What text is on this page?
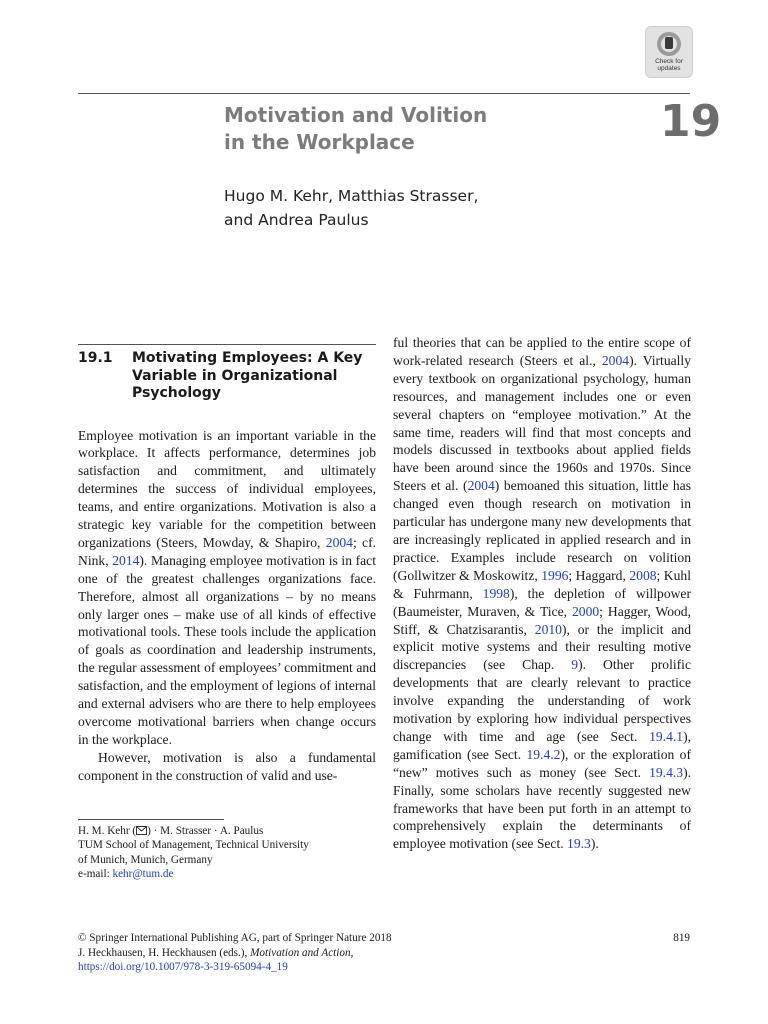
Check for updates
Motivation and Volition
in the Workplace	19

Hugo M. Kehr, Matthias Strasser,
and Andrea Paulus

19.1	Motivating Employees: A Key Variable in Organizational Psychology

Employee motivation is an important variable in the workplace. It affects performance, determines job satisfaction and commitment, and ultimately determines the success of individual employees, teams, and entire organizations. Motivation is also a strategic key variable for the competition between organizations (Steers, Mowday, & Shapiro, 2004; cf. Nink, 2014). Managing employee motivation is in fact one of the greatest challenges organizations face. Therefore, almost all organizations – by no means only larger ones – make use of all kinds of effective motivational tools. These tools include the application of goals as coordination and leadership instruments, the regular assessment of employees’ commitment and satisfaction, and the employment of legions of internal and external advisers who are there to help employees overcome motivational barriers when change occurs in the workplace.

However, motivation is also a fundamental component in the construction of valid and use-

H. M. Kehr ( ) · M. Strasser · A. Paulus
TUM School of Management, Technical University
of Munich, Munich, Germany
e-mail: kehr@tum.de

ful theories that can be applied to the entire scope of work-related research (Steers et al., 2004). Virtually every textbook on organizational psychology, human resources, and management includes one or even several chapters on “employee motivation.” At the same time, readers will find that most concepts and models discussed in textbooks about applied fields have been around since the 1960s and 1970s. Since Steers et al. (2004) bemoaned this situation, little has changed even though research on motivation in particular has undergone many new developments that are increasingly replicated in applied research and in practice. Examples include research on volition (Gollwitzer & Moskowitz, 1996; Haggard, 2008; Kuhl & Fuhrmann, 1998), the depletion of willpower (Baumeister, Muraven, & Tice, 2000; Hagger, Wood, Stiff, & Chatzisarantis, 2010), or the implicit and explicit motive systems and their resulting motive discrepancies (see Chap. 9). Other prolific developments that are clearly relevant to practice involve expanding the understanding of work motivation by exploring how individual perspectives change with time and age (see Sect. 19.4.1), gamification (see Sect. 19.4.2), or the exploration of “new” motives such as money (see Sect. 19.4.3). Finally, some scholars have recently suggested new frameworks that have been put forth in an attempt to comprehensively explain the determinants of employee motivation (see Sect. 19.3).

819

© Springer International Publishing AG, part of Springer Nature 2018

J. Heckhausen, H. Heckhausen (eds.), Motivation and Action,

https://doi.org/10.1007/978-3-319-65094-4_19
